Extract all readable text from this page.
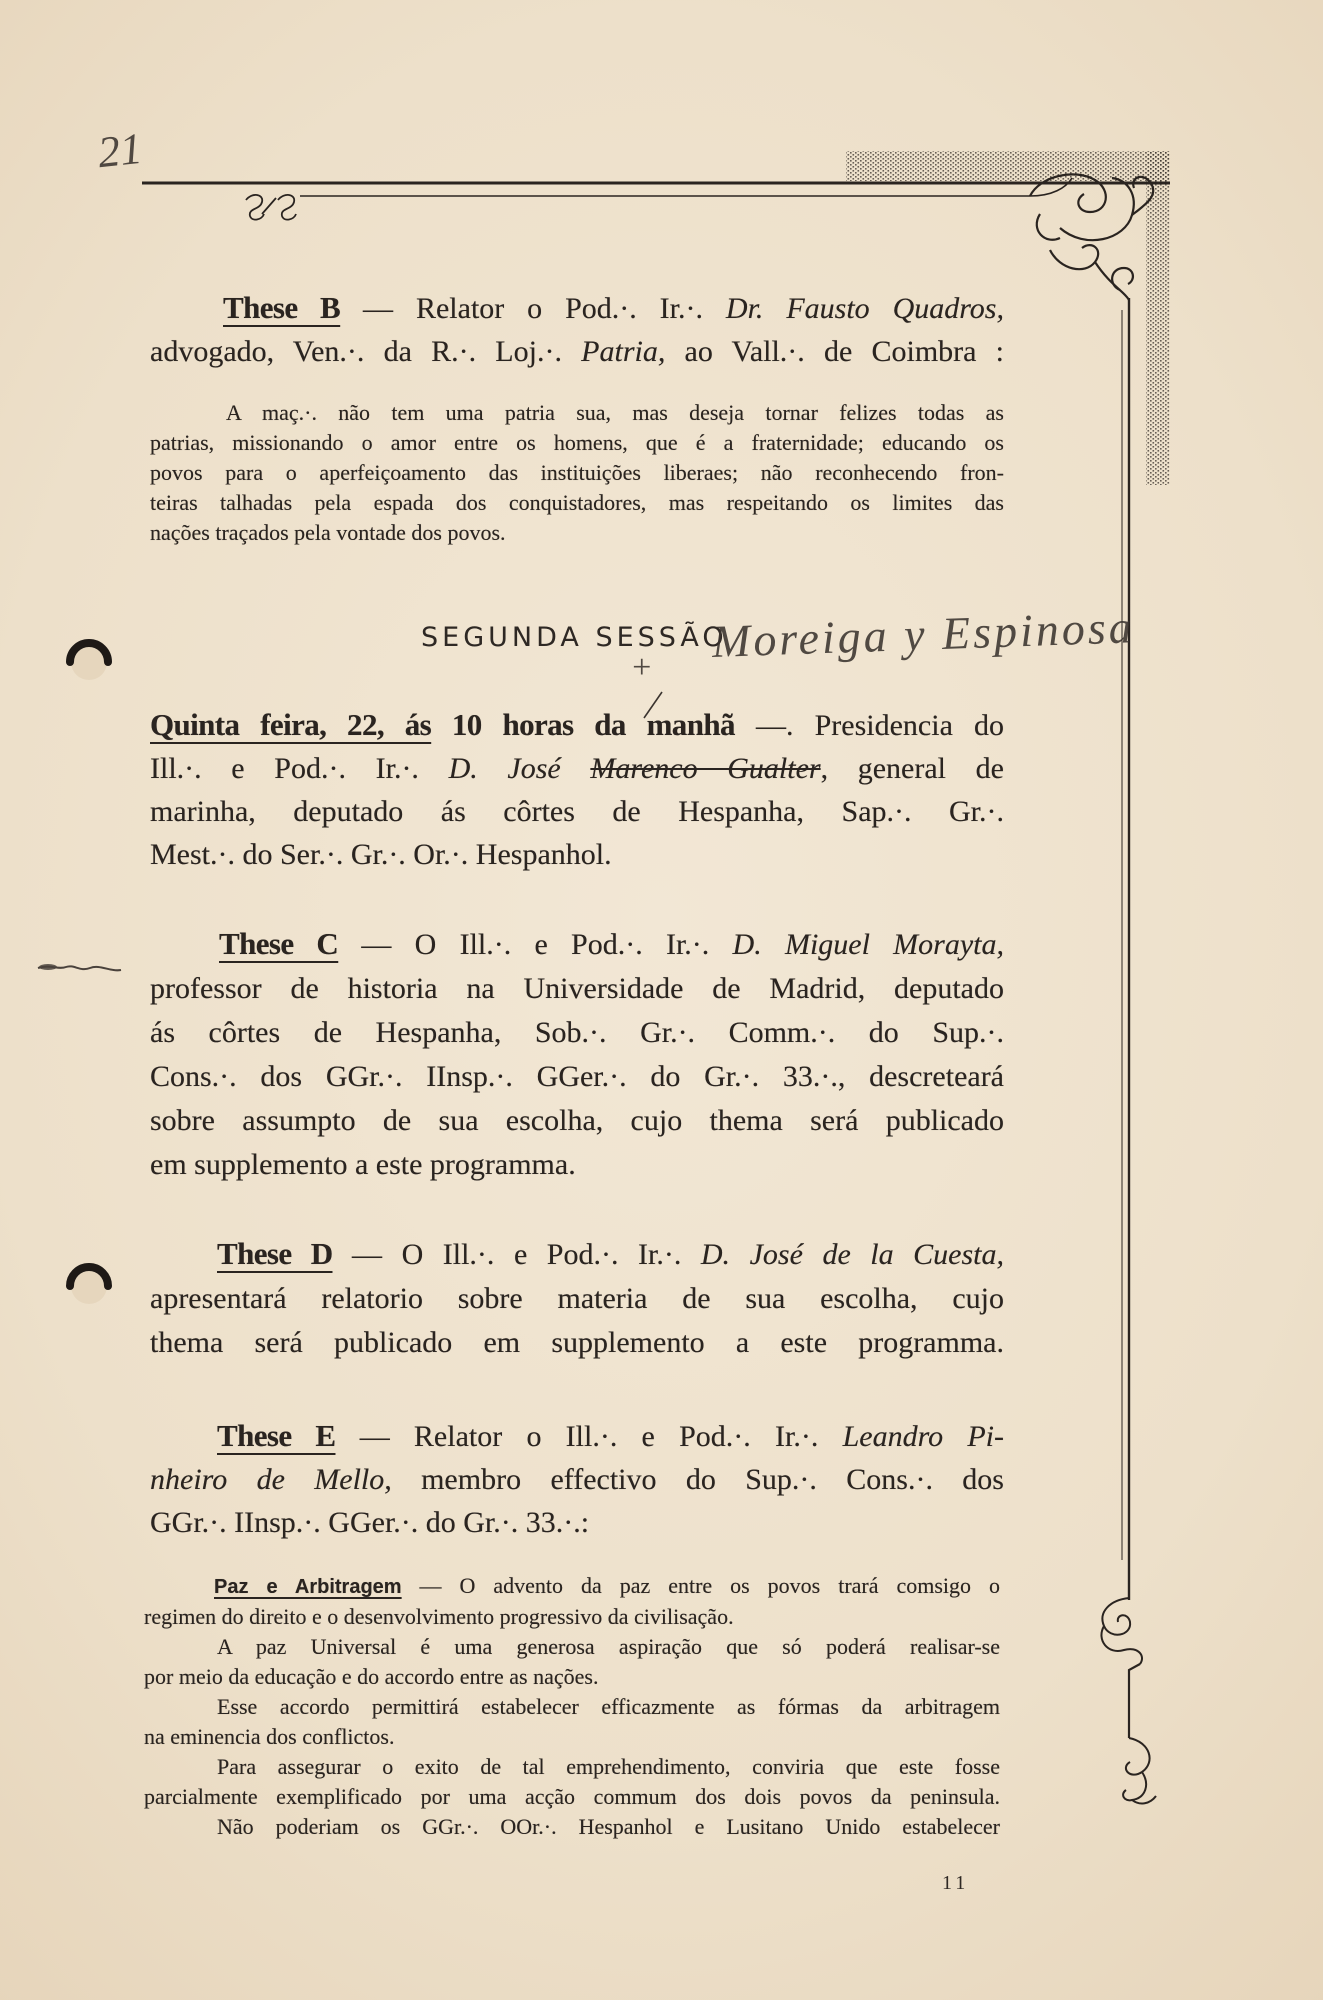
21
These B — Relator o Pod.·. Ir.·. Dr. Fausto Quadros,
advogado, Ven.·. da R.·. Loj.·. Patria, ao Vall.·. de Coimbra :
A maç.·. não tem uma patria sua, mas deseja tornar felizes todas as
patrias, missionando o amor entre os homens, que é a fraternidade; educando os
povos para o aperfeiçoamento das instituições liberaes; não reconhecendo fron-
teiras talhadas pela espada dos conquistadores, mas respeitando os limites das
nações traçados pela vontade dos povos.
SEGUNDA SESSÃO
+
Moreiga y Espinosa
Quinta feira, 22, ás 10 horas da manhã —. Presidencia do
Ill.·. e Pod.·. Ir.·. D. José Marenco Gualter, general de
marinha, deputado ás côrtes de Hespanha, Sap.·. Gr.·.
Mest.·. do Ser.·. Gr.·. Or.·. Hespanhol.
These C — O Ill.·. e Pod.·. Ir.·. D. Miguel Morayta,
professor de historia na Universidade de Madrid, deputado
ás côrtes de Hespanha, Sob.·. Gr.·. Comm.·. do Sup.·.
Cons.·. dos GGr.·. IInsp.·. GGer.·. do Gr.·. 33.·., descreteará
sobre assumpto de sua escolha, cujo thema será publicado
em supplemento a este programma.
These D — O Ill.·. e Pod.·. Ir.·. D. José de la Cuesta,
apresentará relatorio sobre materia de sua escolha, cujo
thema será publicado em supplemento a este programma.
These E — Relator o Ill.·. e Pod.·. Ir.·. Leandro Pi-
nheiro de Mello, membro effectivo do Sup.·. Cons.·. dos
GGr.·. IInsp.·. GGer.·. do Gr.·. 33.·.:
Paz e Arbitragem — O advento da paz entre os povos trará comsigo o
regimen do direito e o desenvolvimento progressivo da civilisação.
A paz Universal é uma generosa aspiração que só poderá realisar-se
por meio da educação e do accordo entre as nações.
Esse accordo permittirá estabelecer efficazmente as fórmas da arbitragem
na eminencia dos conflictos.
Para assegurar o exito de tal emprehendimento, conviria que este fosse
parcialmente exemplificado por uma acção commum dos dois povos da peninsula.
Não poderiam os GGr.·. OOr.·. Hespanhol e Lusitano Unido estabelecer
11
